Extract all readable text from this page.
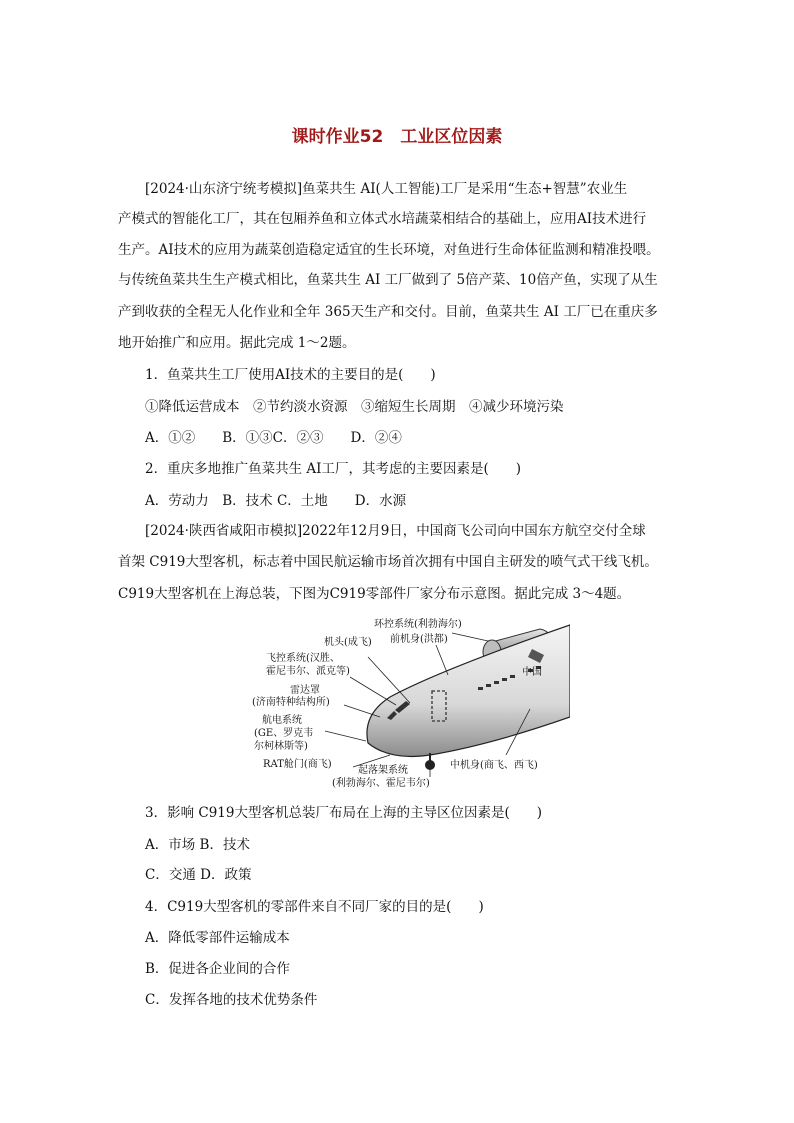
课时作业52　工业区位因素
[2024·山东济宁统考模拟]鱼菜共生 AI(人工智能)工厂是采用“生态+智慧”农业生
产模式的智能化工厂，其在包厢养鱼和立体式水培蔬菜相结合的基础上，应用AI技术进行
生产。AI技术的应用为蔬菜创造稳定适宜的生长环境，对鱼进行生命体征监测和精准投喂。
与传统鱼菜共生生产模式相比，鱼菜共生 AI 工厂做到了 5倍产菜、10倍产鱼，实现了从生
产到收获的全程无人化作业和全年 365天生产和交付。目前，鱼菜共生 AI 工厂已在重庆多
地开始推广和应用。据此完成 1～2题。
1．鱼菜共生工厂使用AI技术的主要目的是(　　)
①降低运营成本　②节约淡水资源　③缩短生长周期　④减少环境污染
A．①②　　B．①③C．②③　　D．②④
2．重庆多地推广鱼菜共生 AI工厂，其考虑的主要因素是(　　)
A．劳动力　B．技术 C．土地　　D．水源
[2024·陕西省咸阳市模拟]2022年12月9日，中国商飞公司向中国东方航空交付全球
首架 C919大型客机，标志着中国民航运输市场首次拥有中国自主研发的喷气式干线飞机。
C919大型客机在上海总装，下图为C919零部件厂家分布示意图。据此完成 3～4题。
环控系统(利勃海尔)
前机身(洪都)
机头(成飞)
飞控系统(汉胜、
霍尼韦尔、派克等)
雷达罩
(济南特种结构所)
航电系统
(GE、罗克韦
尔柯林斯等)
RAT舱门(商飞)
起落架系统
(利勃海尔、霍尼韦尔)
中机身(商飞、西飞)
中国
3．影响 C919大型客机总装厂布局在上海的主导区位因素是(　　)
A．市场 B．技术
C．交通 D．政策
4．C919大型客机的零部件来自不同厂家的目的是(　　)
A．降低零部件运输成本
B．促进各企业间的合作
C．发挥各地的技术优势条件
